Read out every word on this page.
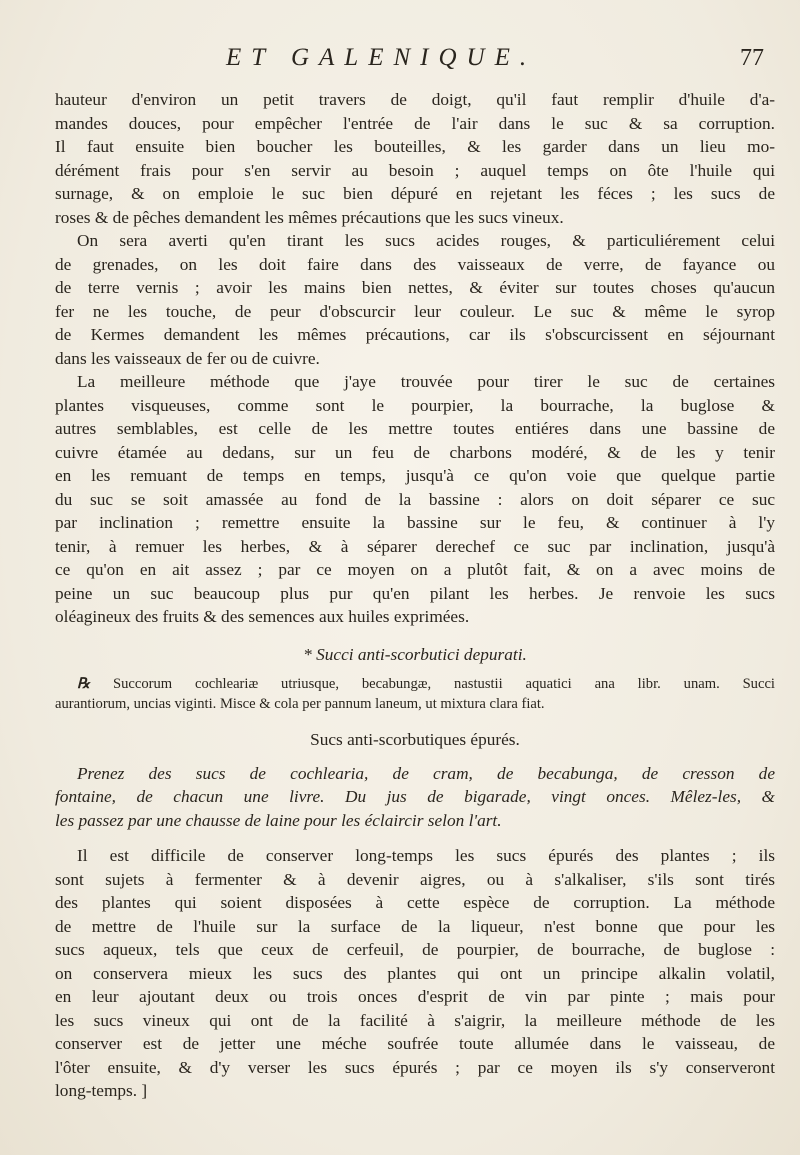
ET GALENIQUE.	77
hauteur d'environ un petit travers de doigt, qu'il faut remplir d'huile d'a-
mandes douces, pour empêcher l'entrée de l'air dans le suc & sa corruption.
Il faut ensuite bien boucher les bouteilles, & les garder dans un lieu mo-
dérément frais pour s'en servir au besoin ; auquel temps on ôte l'huile qui
surnage, & on emploie le suc bien dépuré en rejetant les féces ; les sucs de
roses & de pêches demandent les mêmes précautions que les sucs vineux.
On sera averti qu'en tirant les sucs acides rouges, & particuliérement celui
de grenades, on les doit faire dans des vaisseaux de verre, de fayance ou
de terre vernis ; avoir les mains bien nettes, & éviter sur toutes choses qu'aucun
fer ne les touche, de peur d'obscurcir leur couleur. Le suc & même le syrop
de Kermes demandent les mêmes précautions, car ils s'obscurcissent en séjournant
dans les vaisseaux de fer ou de cuivre.
La meilleure méthode que j'aye trouvée pour tirer le suc de certaines
plantes visqueuses, comme sont le pourpier, la bourrache, la buglose &
autres semblables, est celle de les mettre toutes entiéres dans une bassine de
cuivre étamée au dedans, sur un feu de charbons modéré, & de les y tenir
en les remuant de temps en temps, jusqu'à ce qu'on voie que quelque partie
du suc se soit amassée au fond de la bassine : alors on doit séparer ce suc
par inclination ; remettre ensuite la bassine sur le feu, & continuer à l'y
tenir, à remuer les herbes, & à séparer derechef ce suc par inclination, jusqu'à
ce qu'on en ait assez ; par ce moyen on a plutôt fait, & on a avec moins de
peine un suc beaucoup plus pur qu'en pilant les herbes. Je renvoie les sucs
oléagineux des fruits & des semences aux huiles exprimées.
* Succi anti-scorbutici depurati.
℞ Succorum cochleariæ utriusque, becabungæ, nastustii aquatici ana libr. unam. Succi
aurantiorum, uncias viginti. Misce & cola per pannum laneum, ut mixtura clara fiat.
Sucs anti-scorbutiques épurés.
Prenez des sucs de cochlearia, de cram, de becabunga, de cresson de
fontaine, de chacun une livre. Du jus de bigarade, vingt onces. Mêlez-les, &
les passez par une chausse de laine pour les éclaircir selon l'art.
Il est difficile de conserver long-temps les sucs épurés des plantes ; ils
sont sujets à fermenter & à devenir aigres, ou à s'alkaliser, s'ils sont tirés
des plantes qui soient disposées à cette espèce de corruption. La méthode
de mettre de l'huile sur la surface de la liqueur, n'est bonne que pour les
sucs aqueux, tels que ceux de cerfeuil, de pourpier, de bourrache, de buglose :
on conservera mieux les sucs des plantes qui ont un principe alkalin volatil,
en leur ajoutant deux ou trois onces d'esprit de vin par pinte ; mais pour
les sucs vineux qui ont de la facilité à s'aigrir, la meilleure méthode de les
conserver est de jetter une méche soufrée toute allumée dans le vaisseau, de
l'ôter ensuite, & d'y verser les sucs épurés ; par ce moyen ils s'y conserveront
long-temps. ]
